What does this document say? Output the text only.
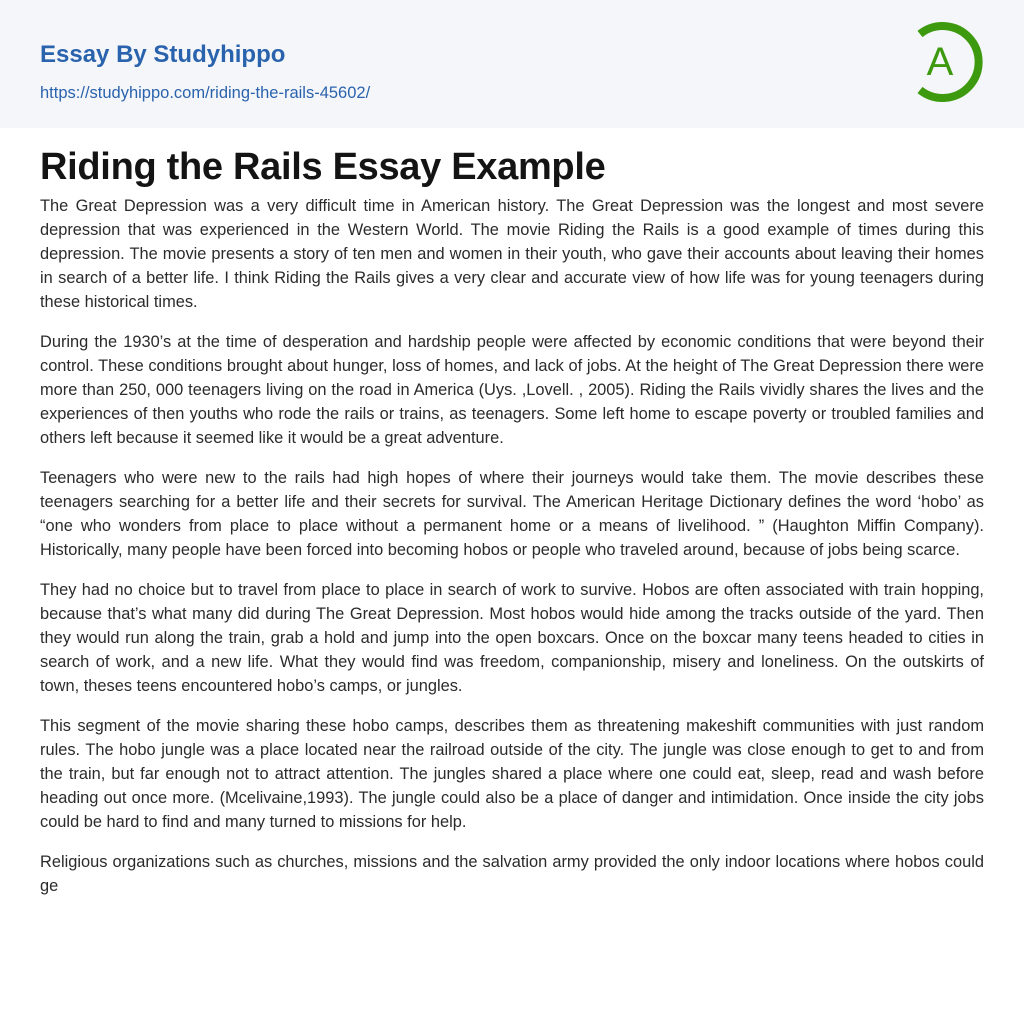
Essay By Studyhippo
https://studyhippo.com/riding-the-rails-45602/
A
Riding the Rails Essay Example

The Great Depression was a very difficult time in American history. The Great Depression was the longest and most severe depression that was experienced in the Western World. The movie Riding the Rails is a good example of times during this depression. The movie presents a story of ten men and women in their youth, who gave their accounts about leaving their homes in search of a better life. I think Riding the Rails gives a very clear and accurate view of how life was for young teenagers during these historical times.

During the 1930’s at the time of desperation and hardship people were affected by economic conditions that were beyond their control. These conditions brought about hunger, loss of homes, and lack of jobs. At the height of The Great Depression there were more than 250, 000 teenagers living on the road in America (Uys. ,Lovell. , 2005). Riding the Rails vividly shares the lives and the experiences of then youths who rode the rails or trains, as teenagers. Some left home to escape poverty or troubled families and others left because it seemed like it would be a great adventure.

Teenagers who were new to the rails had high hopes of where their journeys would take them. The movie describes these teenagers searching for a better life and their secrets for survival. The American Heritage Dictionary defines the word ‘hobo’ as “one who wonders from place to place without a permanent home or a means of livelihood. ” (Haughton Miffin Company). Historically, many people have been forced into becoming hobos or people who traveled around, because of jobs being scarce.

They had no choice but to travel from place to place in search of work to survive. Hobos are often associated with train hopping, because that’s what many did during The Great Depression. Most hobos would hide among the tracks outside of the yard. Then they would run along the train, grab a hold and jump into the open boxcars. Once on the boxcar many teens headed to cities in search of work, and a new life. What they would find was freedom, companionship, misery and loneliness. On the outskirts of town, theses teens encountered hobo’s camps, or jungles.

This segment of the movie sharing these hobo camps, describes them as threatening makeshift communities with just random rules. The hobo jungle was a place located near the railroad outside of the city. The jungle was close enough to get to and from the train, but far enough not to attract attention. The jungles shared a place where one could eat, sleep, read and wash before heading out once more. (Mcelivaine,1993). The jungle could also be a place of danger and intimidation. Once inside the city jobs could be hard to find and many turned to missions for help.

Religious organizations such as churches, missions and the salvation army provided the only indoor locations where hobos could ge
